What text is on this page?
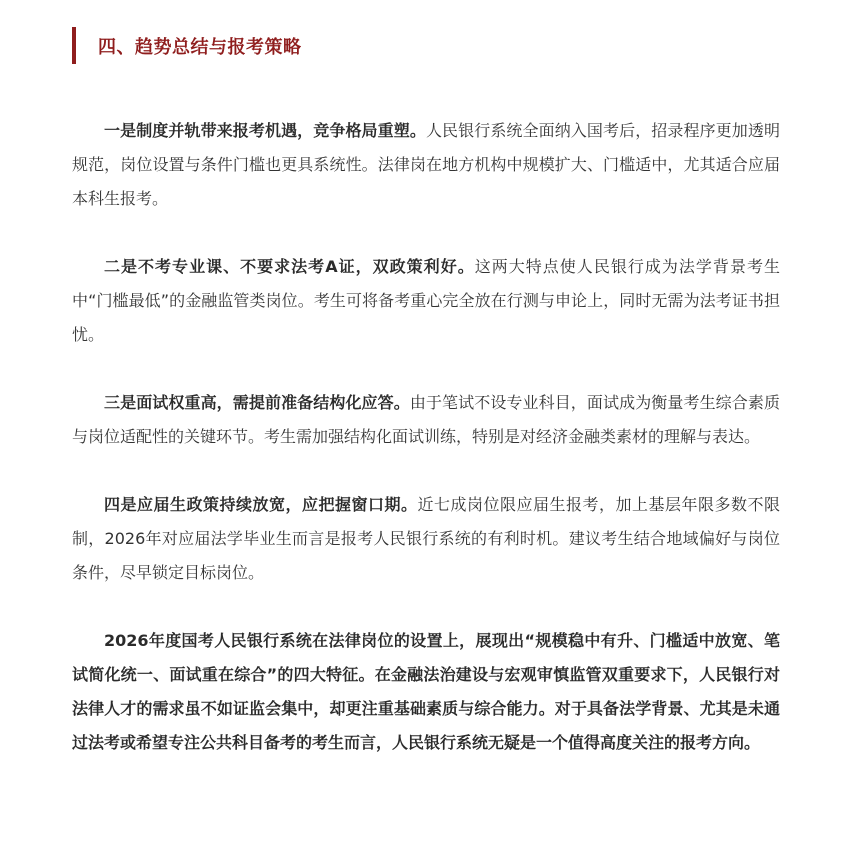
四、趋势总结与报考策略

一是制度并轨带来报考机遇，竞争格局重塑。人民银行系统全面纳入国考后，招录程序更加透明规范，岗位设置与条件门槛也更具系统性。法律岗在地方机构中规模扩大、门槛适中，尤其适合应届本科生报考。

二是不考专业课、不要求法考A证，双政策利好。这两大特点使人民银行成为法学背景考生中“门槛最低”的金融监管类岗位。考生可将备考重心完全放在行测与申论上，同时无需为法考证书担忧。

三是面试权重高，需提前准备结构化应答。由于笔试不设专业科目，面试成为衡量考生综合素质与岗位适配性的关键环节。考生需加强结构化面试训练，特别是对经济金融类素材的理解与表达。

四是应届生政策持续放宽，应把握窗口期。近七成岗位限应届生报考，加上基层年限多数不限制，2026年对应届法学毕业生而言是报考人民银行系统的有利时机。建议考生结合地域偏好与岗位条件，尽早锁定目标岗位。

2026年度国考人民银行系统在法律岗位的设置上，展现出“规模稳中有升、门槛适中放宽、笔试简化统一、面试重在综合”的四大特征。在金融法治建设与宏观审慎监管双重要求下，人民银行对法律人才的需求虽不如证监会集中，却更注重基础素质与综合能力。对于具备法学背景、尤其是未通过法考或希望专注公共科目备考的考生而言，人民银行系统无疑是一个值得高度关注的报考方向。
